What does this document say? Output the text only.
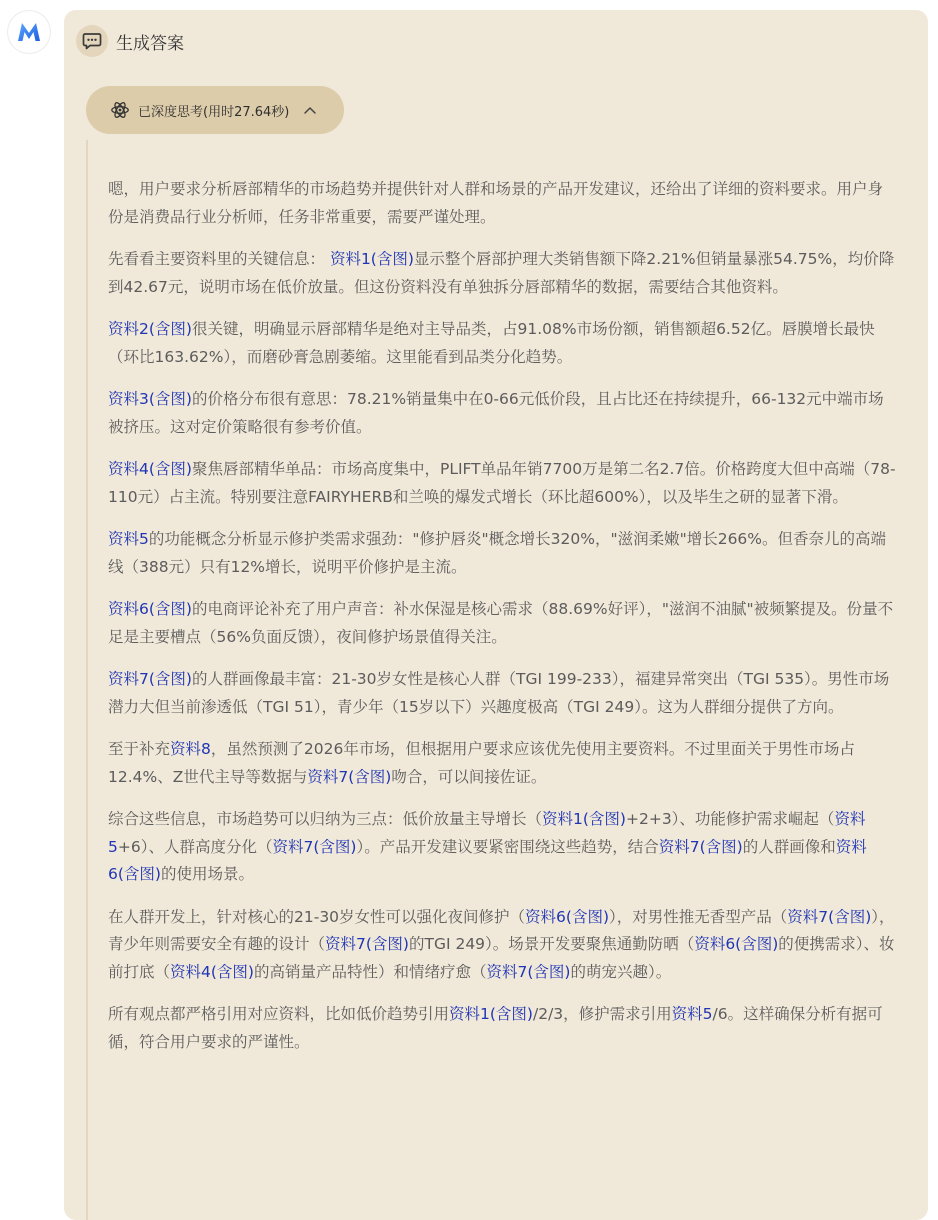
生成答案
已深度思考(用时27.64秒)

嗯，用户要求分析唇部精华的市场趋势并提供针对人群和场景的产品开发建议，还给出了详细的资料要求。用户身份是消费品行业分析师，任务非常重要，需要严谨处理。

先看看主要资料里的关键信息： 资料1(含图)显示整个唇部护理大类销售额下降2.21%但销量暴涨54.75%，均价降到42.67元，说明市场在低价放量。但这份资料没有单独拆分唇部精华的数据，需要结合其他资料。

资料2(含图)很关键，明确显示唇部精华是绝对主导品类，占91.08%市场份额，销售额超6.52亿。唇膜增长最快（环比163.62%），而磨砂膏急剧萎缩。这里能看到品类分化趋势。

资料3(含图)的价格分布很有意思：78.21%销量集中在0-66元低价段，且占比还在持续提升，66-132元中端市场被挤压。这对定价策略很有参考价值。

资料4(含图)聚焦唇部精华单品：市场高度集中，PLIFT单品年销7700万是第二名2.7倍。价格跨度大但中高端（78-110元）占主流。特别要注意FAIRYHERB和兰唤的爆发式增长（环比超600%），以及毕生之研的显著下滑。

资料5的功能概念分析显示修护类需求强劲："修护唇炎"概念增长320%，"滋润柔嫩"增长266%。但香奈儿的高端线（388元）只有12%增长，说明平价修护是主流。

资料6(含图)的电商评论补充了用户声音：补水保湿是核心需求（88.69%好评），"滋润不油腻"被频繁提及。份量不足是主要槽点（56%负面反馈），夜间修护场景值得关注。

资料7(含图)的人群画像最丰富：21-30岁女性是核心人群（TGI 199-233），福建异常突出（TGI 535）。男性市场潜力大但当前渗透低（TGI 51），青少年（15岁以下）兴趣度极高（TGI 249）。这为人群细分提供了方向。

至于补充资料8，虽然预测了2026年市场，但根据用户要求应该优先使用主要资料。不过里面关于男性市场占12.4%、Z世代主导等数据与资料7(含图)吻合，可以间接佐证。

综合这些信息，市场趋势可以归纳为三点：低价放量主导增长（资料1(含图)+2+3）、功能修护需求崛起（资料5+6）、人群高度分化（资料7(含图)）。产品开发建议要紧密围绕这些趋势，结合资料7(含图)的人群画像和资料6(含图)的使用场景。

在人群开发上，针对核心的21-30岁女性可以强化夜间修护（资料6(含图)），对男性推无香型产品（资料7(含图)），青少年则需要安全有趣的设计（资料7(含图)的TGI 249）。场景开发要聚焦通勤防晒（资料6(含图)的便携需求）、妆前打底（资料4(含图)的高销量产品特性）和情绪疗愈（资料7(含图)的萌宠兴趣）。

所有观点都严格引用对应资料，比如低价趋势引用资料1(含图)/2/3，修护需求引用资料5/6。这样确保分析有据可循，符合用户要求的严谨性。
